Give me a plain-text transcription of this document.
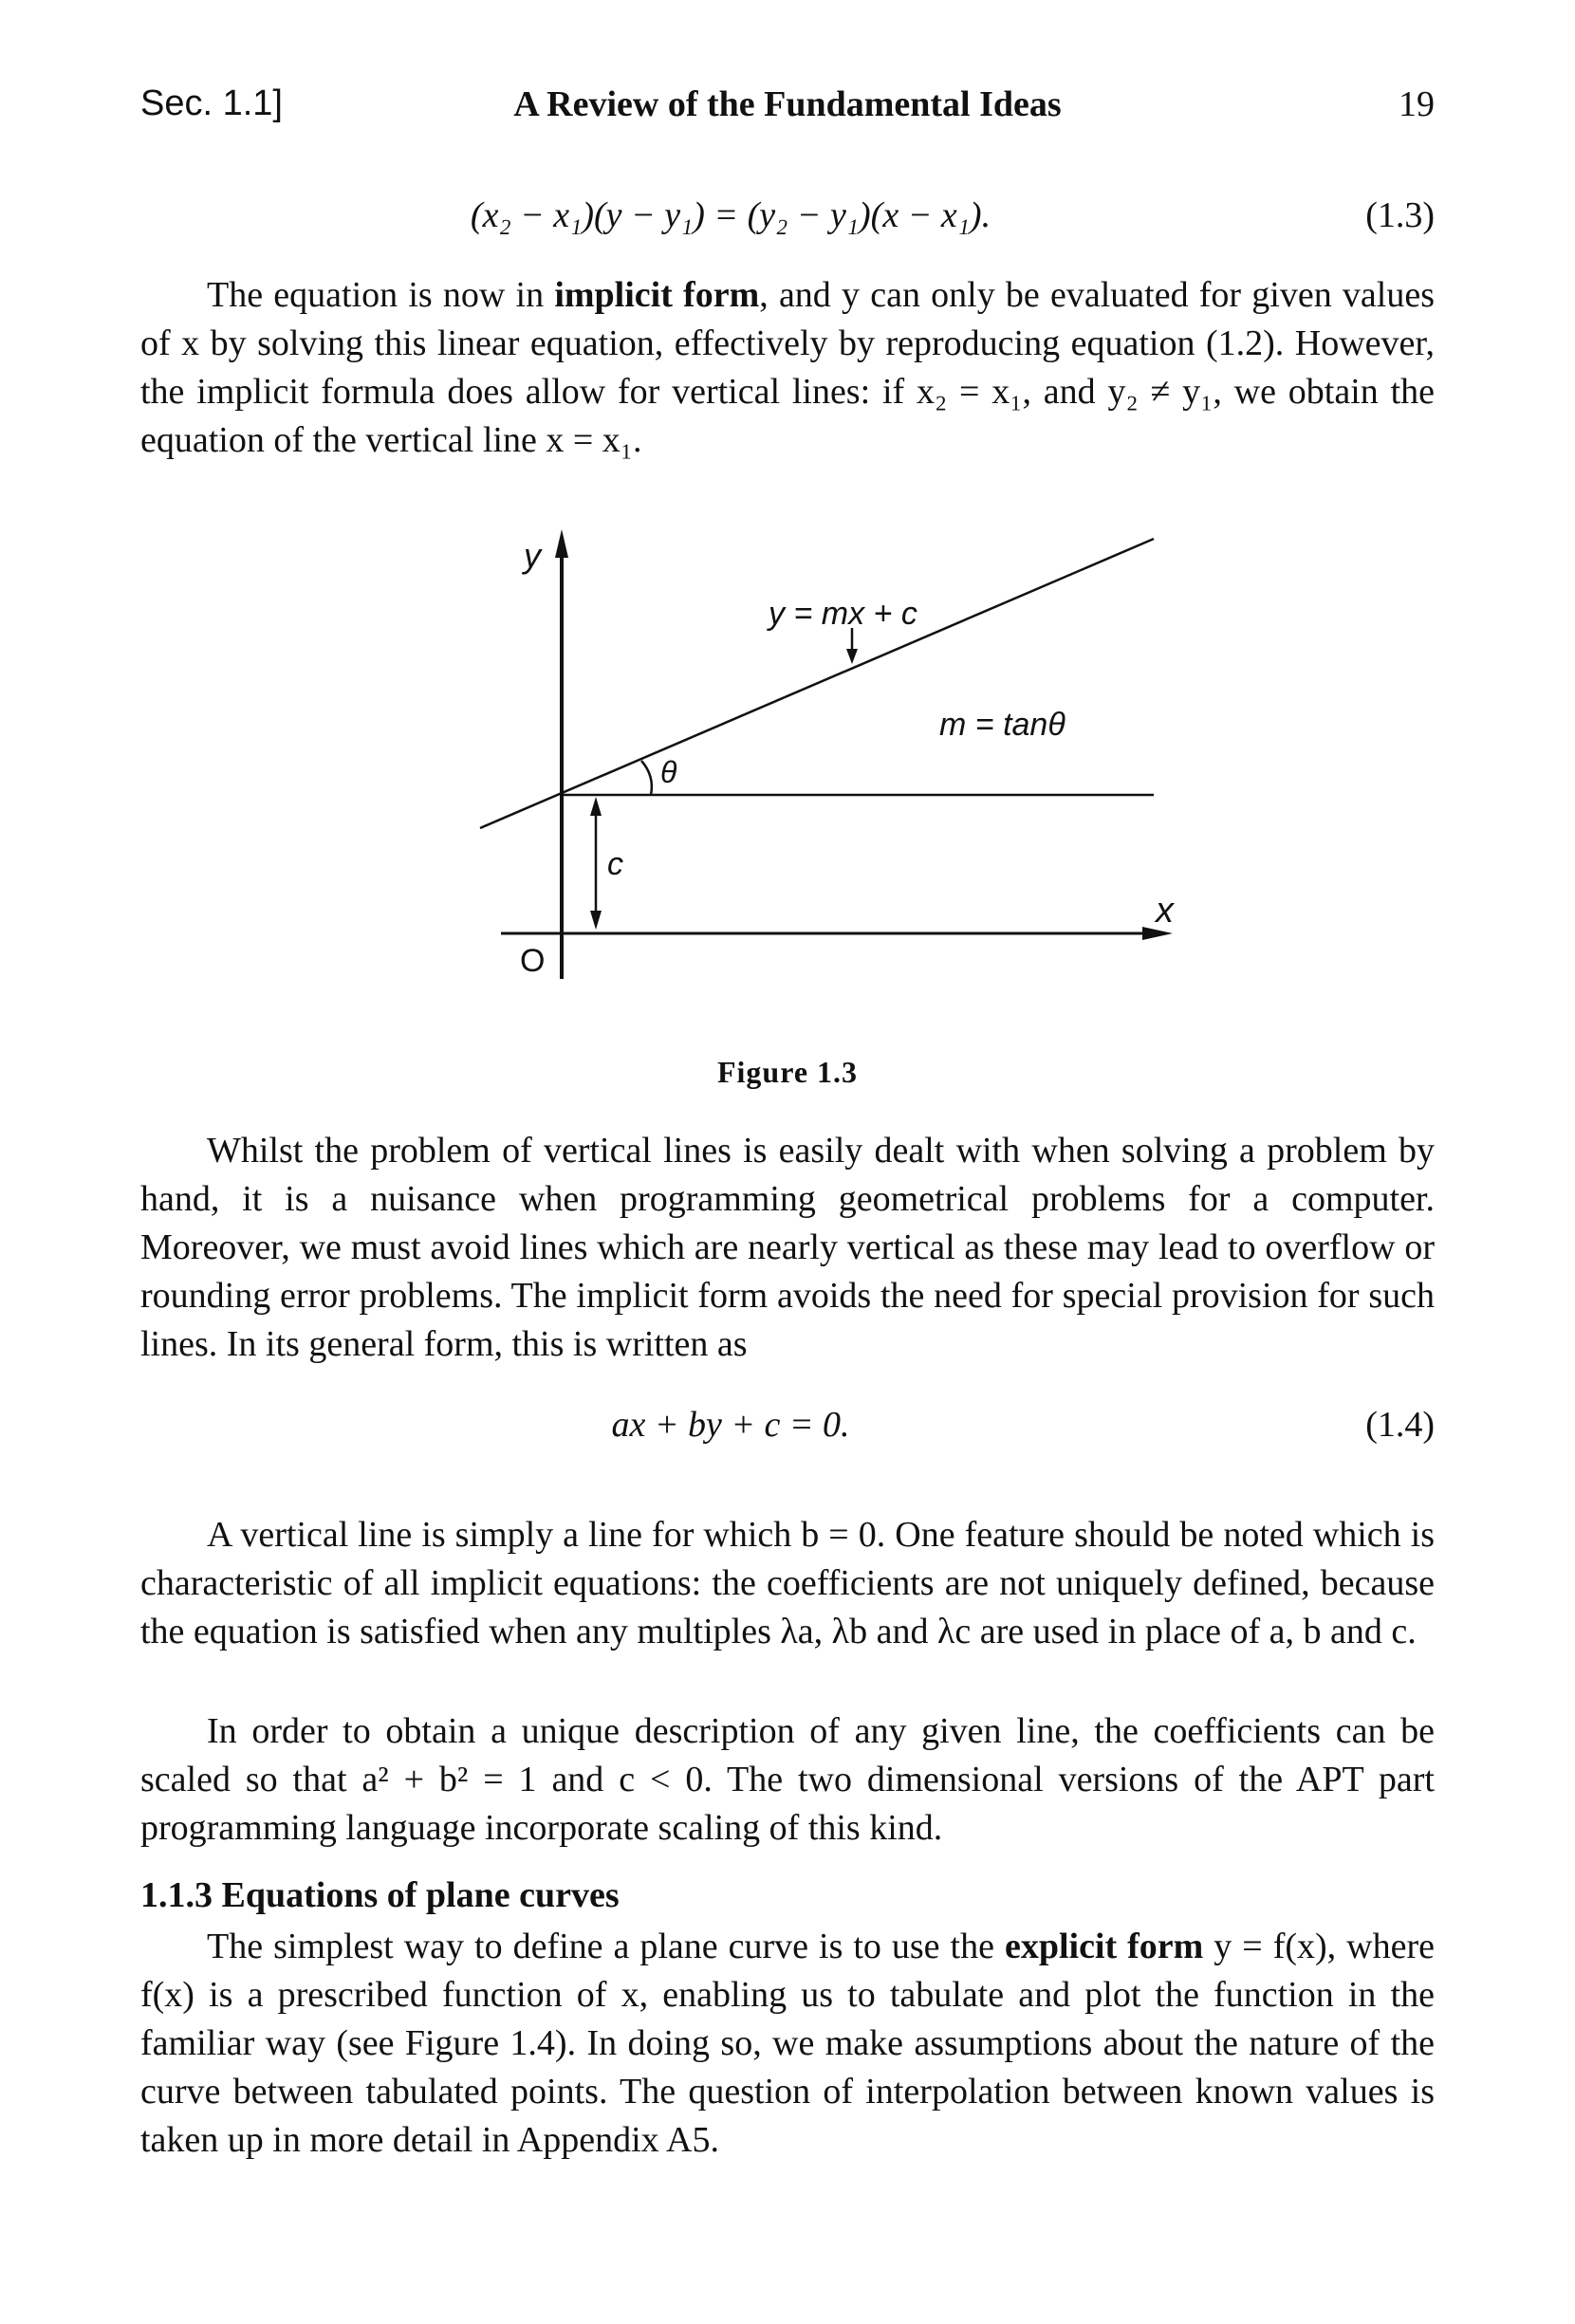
Sec. 1.1]	A Review of the Fundamental Ideas	19
(x₂ − x₁)(y − y₁) = (y₂ − y₁)(x − x₁).	(1.3)

The equation is now in implicit form, and y can only be evaluated for given values of x by solving this linear equation, effectively by reproducing equation (1.2). However, the implicit formula does allow for vertical lines: if x₂ = x₁, and y₂ ≠ y₁, we obtain the equation of the vertical line x = x₁.

y
x
O
y = mx + c
m = tanθ
θ
c
Figure 1.3

Whilst the problem of vertical lines is easily dealt with when solving a problem by hand, it is a nuisance when programming geometrical problems for a computer. Moreover, we must avoid lines which are nearly vertical as these may lead to overflow or rounding error problems. The implicit form avoids the need for special provision for such lines. In its general form, this is written as

ax + by + c = 0.	(1.4)

A vertical line is simply a line for which b = 0. One feature should be noted which is characteristic of all implicit equations: the coefficients are not uniquely defined, because the equation is satisfied when any multiples λa, λb and λc are used in place of a, b and c.

In order to obtain a unique description of any given line, the coefficients can be scaled so that a² + b² = 1 and c < 0. The two dimensional versions of the APT part programming language incorporate scaling of this kind.

1.1.3 Equations of plane curves

The simplest way to define a plane curve is to use the explicit form y = f(x), where f(x) is a prescribed function of x, enabling us to tabulate and plot the function in the familiar way (see Figure 1.4). In doing so, we make assumptions about the nature of the curve between tabulated points. The question of interpolation between known values is taken up in more detail in Appendix A5.
